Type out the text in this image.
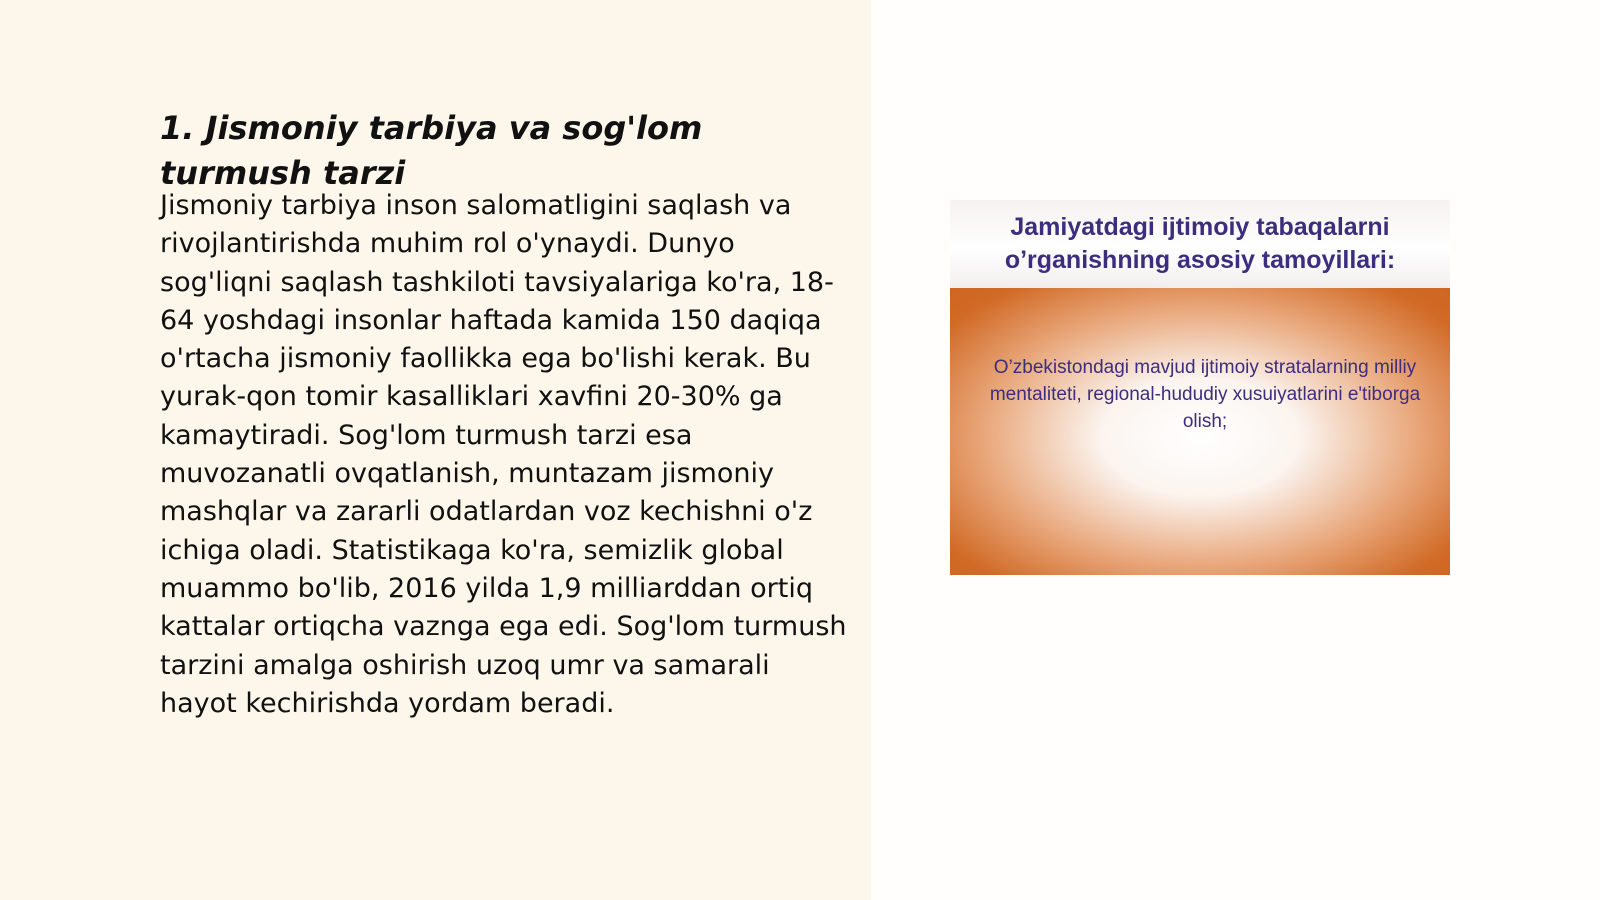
1. Jismoniy tarbiya va sog'lom turmush tarzi

Jismoniy tarbiya inson salomatligini saqlash va rivojlantirishda muhim rol o'ynaydi. Dunyo sog'liqni saqlash tashkiloti tavsiyalariga ko'ra, 18-64 yoshdagi insonlar haftada kamida 150 daqiqa o'rtacha jismoniy faollikka ega bo'lishi kerak. Bu yurak-qon tomir kasalliklari xavfini 20-30% ga kamaytiradi. Sog'lom turmush tarzi esa muvozanatli ovqatlanish, muntazam jismoniy mashqlar va zararli odatlardan voz kechishni o'z ichiga oladi. Statistikaga ko'ra, semizlik global muammo bo'lib, 2016 yilda 1,9 milliarddan ortiq kattalar ortiqcha vaznga ega edi. Sog'lom turmush tarzini amalga oshirish uzoq umr va samarali hayot kechirishda yordam beradi.

Jamiyatdagi ijtimoiy tabaqalarni o’rganishning asosiy tamoyillari:

O’zbekistondagi mavjud ijtimoiy stratalarning milliy mentaliteti, regional-hududiy xusuiyatlarini e'tiborga olish;
